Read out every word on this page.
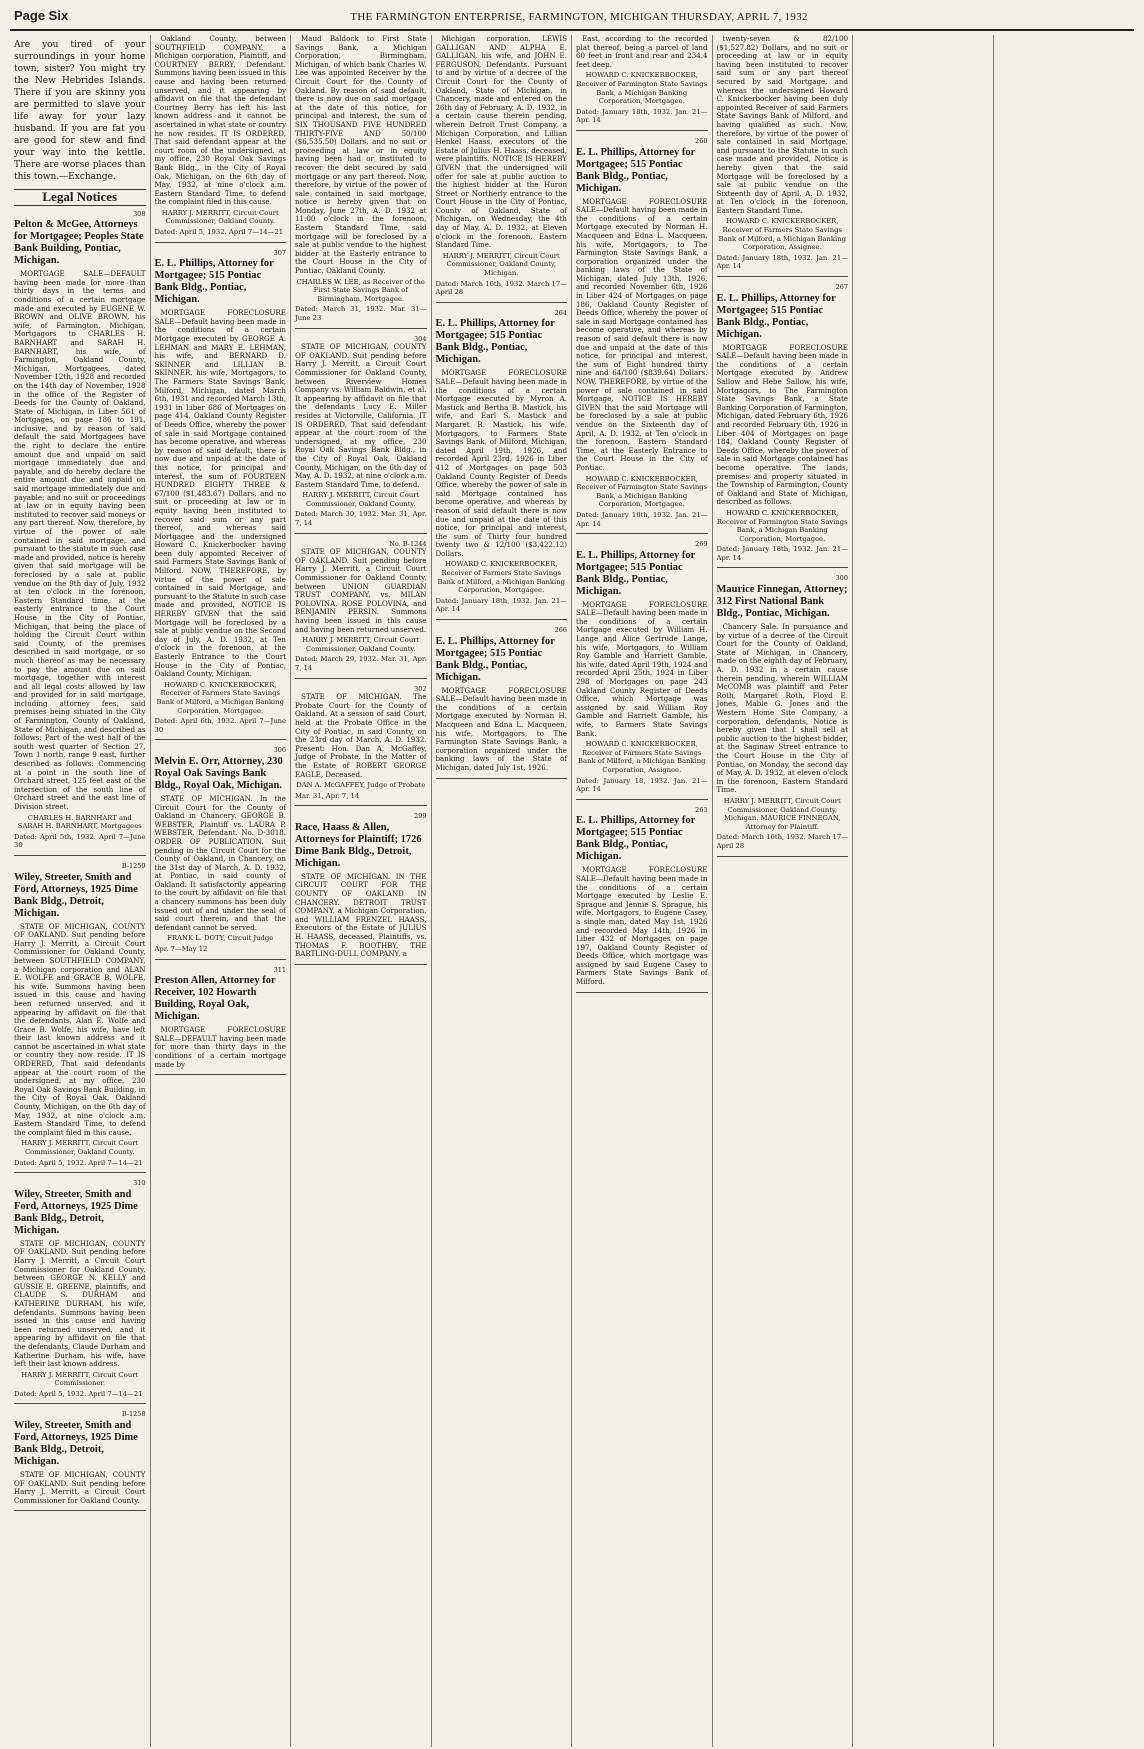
Page Six	THE FARMINGTON ENTERPRISE, FARMINGTON, MICHIGAN THURSDAY, APRIL 7, 1932
Are you tired of your surroundings in your home town, sister? You might try the New Hebrides Islands. There if you are skinny you are permitted to slave your life away for your lazy husband. If you are fat you are good for stew and find your way into the kettle. There are worse places than this town.—Exchange.
Legal Notices
308
Pelton & McGee, Attorneys for Mortgagee; Peoples State Bank Building, Pontiac, Michigan.
MORTGAGE SALE—DEFAULT having been made for more than thirty days in the terms and conditions of a certain mortgage made and executed by EUGENE W. BROWN and OLIVE BROWN, his wife, of Farmington, Michigan, Mortgagors to CHARLES H. BARNHART and SARAH H. BARNHART, his wife, of Farmington, Oakland County, Michigan, Mortgagees, dated November 12th, 1928 and recorded on the 14th day of November, 1928 in the office of the Register of Deeds for the County of Oakland, State of Michigan, in Liber 561 of Mortgages, on page 186 to 191, inclusive, and by reason of said default the said Mortgagees have the right to declare the entire amount due and unpaid on said mortgage immediately due and payable, and do hereby declare the entire amount due and unpaid on said mortgage immediately due and payable; and no suit or proceedings at law or in equity having been instituted to recover said moneys or any part thereof. Now, therefore, by virtue of the power of sale contained in said mortgage, and pursuant to the statute in such case made and provided, notice is hereby given that said mortgage will be foreclosed by a sale at public vendue on the 9th day of July, 1932 at ten o'clock in the forenoon, Eastern Standard time, at the easterly entrance to the Court House in the City of Pontiac, Michigan, that being the place of holding the Circuit Court within said County, of the premises described in said mortgage, or so much thereof as may be necessary to pay the amount due on said mortgage, together with interest and all legal costs allowed by law and provided for in said mortgage, including attorney fees, said premises being situated in the City of Farmington, County of Oakland, State of Michigan, and described as follows: Part of the west half of the south west quarter of Section 27, Town 1 north, range 9 east, further described as follows: Commencing at a point in the south line of Orchard street, 125 feet east of the intersection of the south line of Orchard street and the east line of Division street.
CHARLES H. BARNHART and SARAH H. BARNHART, Mortgagees
Dated: April 5th, 1932. April 7—June 30
B-1259
Wiley, Streeter, Smith and Ford, Attorneys, 1925 Dime Bank Bldg., Detroit, Michigan.
STATE OF MICHIGAN, COUNTY OF OAKLAND. Suit pending before Harry J. Merritt, a Circuit Court Commissioner for Oakland County, between SOUTHFIELD COMPANY, a Michigan corporation and ALAN E. WOLFE and GRACE B. WOLFE, his wife. Summons having been issued in this cause and having been returned unserved, and it appearing by affidavit on file that the defendants, Alan E. Wolfe and Grace B. Wolfe, his wife, have left their last known address and it cannot be ascertained in what state or country they now reside. IT IS ORDERED, That said defendants appear at the court room of the undersigned, at my office, 230 Royal Oak Savings Bank Building, in the City of Royal Oak, Oakland County, Michigan, on the 6th day of May, 1932, at nine o'clock a.m. Eastern Standard Time, to defend the complaint filed in this cause.
HARRY J. MERRITT, Circuit Court Commissioner, Oakland County.
Dated: April 5, 1932. April 7—14—21
310
Wiley, Streeter, Smith and Ford, Attorneys, 1925 Dime Bank Bldg., Detroit, Michigan.
STATE OF MICHIGAN, COUNTY OF OAKLAND. Suit pending before Harry J. Merritt, a Circuit Court Commissioner for Oakland County, between GEORGE N. KELLY and GUSSIE E. GREENE, plaintiffs, and CLAUDE S. DURHAM and KATHERINE DURHAM, his wife, defendants. Summons having been issued in this cause and having been returned unserved, and it appearing by affidavit on file that the defendants, Claude Durham and Katherine Durham, his wife, have left their last known address.
HARRY J. MERRITT, Circuit Court Commissioner.
Dated: April 5, 1932. April 7—14—21
B-1258
Wiley, Streeter, Smith and Ford, Attorneys, 1925 Dime Bank Bldg., Detroit, Michigan.
STATE OF MICHIGAN, COUNTY OF OAKLAND. Suit pending before Harry J. Merritt, a Circuit Court Commissioner for Oakland County.
Oakland County, between SOUTHFIELD COMPANY, a Michigan corporation, Plaintiff, and COURTNEY BERRY, Defendant. Summons having been issued in this cause and having been returned unserved, and it appearing by affidavit on file that the defendant Courtney Berry has left his last known address and it cannot be ascertained in what state or country he now resides. IT IS ORDERED, That said defendant appear at the court room of the undersigned, at my office, 230 Royal Oak Savings Bank Bldg., in the City of Royal Oak, Michigan, on the 6th day of May, 1932, at nine o'clock a.m. Eastern Standard Time, to defend the complaint filed in this cause.
HARRY J. MERRITT, Circuit Court Commissioner, Oakland County.
Dated: April 5, 1932. April 7—14—21
307
E. L. Phillips, Attorney for Mortgagee; 515 Pontiac Bank Bldg., Pontiac, Michigan.
MORTGAGE FORECLOSURE SALE—Default having been made in the conditions of a certain Mortgage executed by GEORGE A. LEHMAN and MARY E. LEHMAN, his wife, and BERNARD D. SKINNER and LILLIAN B. SKINNER, his wife, Mortgagors, to The Farmers State Savings Bank, Milford, Michigan, dated March 6th, 1931 and recorded March 13th, 1931 in Liber 686 of Mortgages on page 414, Oakland County Register of Deeds Office, whereby the power of sale in said Mortgage contained has become operative, and whereas by reason of said default, there is now due and unpaid at the date of this notice, for principal and interest, the sum of FOURTEEN HUNDRED EIGHTY THREE & 67/100 ($1,483.67) Dollars, and no suit or proceeding at law or in equity having been instituted to recover said sum or any part thereof, and whereas said Mortgagee and the undersigned Howard C. Knickerbocker having been duly appointed Receiver of said Farmers State Savings Bank of Milford. NOW, THEREFORE, by virtue of the power of sale contained in said Mortgage, and pursuant to the Statute in such case made and provided, NOTICE IS HEREBY GIVEN that the said Mortgage will be foreclosed by a sale at public vendue on the Second day of July, A. D. 1932, at Ten o'clock in the forenoon, at the Easterly Entrance to the Court House in the City of Pontiac, Oakland County, Michigan.
HOWARD C. KNICKERBOCKER, Receiver of Farmers State Savings Bank of Milford, a Michigan Banking Corporation, Mortgagee.
Dated: April 6th, 1932. April 7—June 30
306
Melvin E. Orr, Attorney, 230 Royal Oak Savings Bank Bldg., Royal Oak, Michigan.
STATE OF MICHIGAN. In the Circuit Court for the County of Oakland in Chancery. GEORGE B. WEBSTER, Plaintiff vs. LAURA P. WEBSTER, Defendant. No. D-3018. ORDER OF PUBLICATION. Suit pending in the Circuit Court for the County of Oakland, in Chancery, on the 31st day of March, A. D. 1932, at Pontiac, in said county of Oakland. It satisfactorily appearing to the court by affidavit on file that a chancery summons has been duly issued out of and under the seal of said court therein, and that the defendant cannot be served.
FRANK L. DOTY, Circuit Judge
Apr. 7—May 12
311
Preston Allen, Attorney for Receiver, 102 Howarth Building, Royal Oak, Michigan.
MORTGAGE FORECLOSURE SALE—DEFAULT having been made for more than thirty days in the conditions of a certain mortgage made by
Maud Baldock to First State Savings Bank, a Michigan Corporation, Birmingham, Michigan, of which bank Charles W. Lee was appointed Receiver by the Circuit Court for the County of Oakland. By reason of said default, there is now due on said mortgage at the date of this notice, for principal and interest, the sum of SIX THOUSAND FIVE HUNDRED THIRTY-FIVE AND 50/100 ($6,535.50) Dollars, and no suit or proceeding at law or in equity having been had or instituted to recover the debt secured by said mortgage or any part thereof. Now, therefore, by virtue of the power of sale contained in said mortgage, notice is hereby given that on Monday, June 27th, A. D. 1932 at 11:00 o'clock in the forenoon, Eastern Standard Time, said mortgage will be foreclosed by a sale at public vendue to the highest bidder at the Easterly entrance to the Court House in the City of Pontiac, Oakland County.
CHARLES W. LEE, as Receiver of the First State Savings Bank of Birmingham, Mortgagee.
Dated: March 31, 1932. Mar. 31—June 23
304
STATE OF MICHIGAN, COUNTY OF OAKLAND. Suit pending before Harry J. Merritt, a Circuit Court Commissioner for Oakland County, between Riverview Homes Company vs. William Baldwin, et al. It appearing by affidavit on file that the defendants Lucy E. Miller resides at Victorville, California. IT IS ORDERED, That said defendant appear at the court room of the undersigned, at my office, 230 Royal Oak Savings Bank Bldg., in the City of Royal Oak, Oakland County, Michigan, on the 6th day of May, A. D. 1932, at nine o'clock a.m. Eastern Standard Time, to defend.
HARRY J. MERRITT, Circuit Court Commissioner, Oakland County.
Dated: March 30, 1932. Mar. 31, Apr. 7, 14
No. B-1244
STATE OF MICHIGAN, COUNTY OF OAKLAND. Suit pending before Harry J. Merritt, a Circuit Court Commissioner for Oakland County, between UNION GUARDIAN TRUST COMPANY, vs. MILAN POLOVINA, ROSE POLOVINA, and BENJAMIN PERSIN. Summons having been issued in this cause and having been returned unserved.
HARRY J. MERRITT, Circuit Court Commissioner, Oakland County.
Dated: March 29, 1932. Mar. 31, Apr. 7, 14
302
STATE OF MICHIGAN. The Probate Court for the County of Oakland. At a session of said Court, held at the Probate Office in the City of Pontiac, in said County, on the 23rd day of March, A. D. 1932. Present: Hon. Dan A. McGaffey, Judge of Probate. In the Matter of the Estate of ROBERT GEORGE EAGLE, Deceased.
DAN A. McGAFFEY, Judge of Probate
Mar. 31, Apr. 7, 14
299
Race, Haass & Allen, Attorneys for Plaintiff; 1726 Dime Bank Bldg., Detroit, Michigan.
STATE OF MICHIGAN. IN THE CIRCUIT COURT FOR THE COUNTY OF OAKLAND IN CHANCERY. DETROIT TRUST COMPANY, a Michigan Corporation, and WILLIAM FRENZEL HAASS, Executors of the Estate of JULIUS H. HAASS, deceased, Plaintiffs, vs. THOMAS F. BOOTHBY, THE BARTLING-DULL COMPANY, a
Michigan corporation, LEWIS GALLIGAN AND ALPHA E. GALLIGAN, his wife, and JOHN E. FERGUSON, Defendants. Pursuant to and by virtue of a decree of the Circuit Court for the County of Oakland, State of Michigan, in Chancery, made and entered on the 26th day of February, A. D. 1932, in a certain cause therein pending, wherein Detroit Trust Company, a Michigan Corporation, and Lillian Henkel Haass, executors of the Estate of Julius H. Haass, deceased, were plaintiffs. NOTICE IS HEREBY GIVEN that the undersigned will offer for sale at public auction to the highest bidder at the Huron Street or Northerly entrance to the Court House in the City of Pontiac, County of Oakland, State of Michigan, on Wednesday, the 4th day of May, A. D. 1932, at Eleven o'clock in the forenoon, Eastern Standard Time.
HARRY J. MERRITT, Circuit Court Commissioner, Oakland County, Michigan.
Dated: March 16th, 1932. March 17—April 28
264
E. L. Phillips, Attorney for Mortgagee; 515 Pontiac Bank Bldg., Pontiac, Michigan.
MORTGAGE FORECLOSURE SALE—Default having been made in the conditions of a certain Mortgage executed by Myron A. Mastick and Bertha B. Mastick, his wife, and Earl S. Mastick and Margaret R. Mastick, his wife, Mortgagors, to Farmers State Savings Bank, of Milford, Michigan, dated April 19th, 1926, and recorded April 23rd, 1926 in Liber 412 of Mortgages on page 503 Oakland County Register of Deeds Office, whereby the power of sale in said Mortgage contained has become operative, and whereas by reason of said default there is now due and unpaid at the date of this notice, for principal and interest, the sum of Thirty four hundred twenty two & 12/100 ($3,422.12) Dollars.
HOWARD C. KNICKERBOCKER, Receiver of Farmers State Savings Bank of Milford, a Michigan Banking Corporation, Mortgagee.
Dated: January 18th, 1932. Jan. 21—Apr. 14
266
E. L. Phillips, Attorney for Mortgagee; 515 Pontiac Bank Bldg., Pontiac, Michigan.
MORTGAGE FORECLOSURE SALE—Default having been made in the conditions of a certain Mortgage executed by Norman H. Macqueen and Edna L. Macqueen, his wife, Mortgagors, to The Farmington State Savings Bank, a corporation organized under the banking laws of the State of Michigan, dated July 1st, 1926.
East, according to the recorded plat thereof, being a parcel of land 60 feet in front and rear and 234.4 feet deep.
HOWARD C. KNICKERBOCKER, Receiver of Farmington State Savings Bank, a Michigan Banking Corporation, Mortgagee.
Dated: January 18th, 1932. Jan. 21—Apr. 14
260
E. L. Phillips, Attorney for Mortgagee; 515 Pontiac Bank Bldg., Pontiac, Michigan.
MORTGAGE FORECLOSURE SALE—Default having been made in the conditions of a certain Mortgage executed by Norman H. Macqueen and Edna L. Macqueen, his wife, Mortgagors, to The Farmington State Savings Bank, a corporation organized under the banking laws of the State of Michigan, dated July 13th, 1926, and recorded November 6th, 1926 in Liber 424 of Mortgages on page 186, Oakland County Register of Deeds Office, whereby the power of sale in said Mortgage contained has become operative, and whereas by reason of said default there is now due and unpaid at the date of this notice, for principal and interest, the sum of Eight hundred thirty nine and 64/100 ($839.64) Dollars. NOW, THEREFORE, by virtue of the power of sale contained in said Mortgage, NOTICE IS HEREBY GIVEN that the said Mortgage will be foreclosed by a sale at public vendue on the Sixteenth day of April, A. D. 1932, at Ten o'clock in the forenoon, Eastern Standard Time, at the Easterly Entrance to the Court House in the City of Pontiac.
HOWARD C. KNICKERBOCKER, Receiver of Farmington State Savings Bank, a Michigan Banking Corporation, Mortgagee.
Dated: January 18th, 1932. Jan. 21—Apr. 14
269
E. L. Phillips, Attorney for Mortgagee; 515 Pontiac Bank Bldg., Pontiac, Michigan.
MORTGAGE FORECLOSURE SALE—Default having been made in the conditions of a certain Mortgage executed by William H. Lange and Alice Gertrude Lange, his wife, Mortgagors, to William Roy Gamble and Harriett Gamble, his wife, dated April 19th, 1924 and recorded April 25th, 1924 in Liber 298 of Mortgages on page 243 Oakland County Register of Deeds Office, which Mortgage was assigned by said William Roy Gamble and Harriett Gamble, his wife, to Farmers State Savings Bank.
HOWARD C. KNICKERBOCKER, Receiver of Farmers State Savings Bank of Milford, a Michigan Banking Corporation, Assignee.
Dated: January 18, 1932. Jan. 21—Apr. 14
263
E. L. Phillips, Attorney for Mortgagee; 515 Pontiac Bank Bldg., Pontiac, Michigan.
MORTGAGE FORECLOSURE SALE—Default having been made in the conditions of a certain Mortgage executed by Leslie E. Sprague and Jennie S. Sprague, his wife, Mortgagors, to Eugene Casey, a single man, dated May 1st, 1926 and recorded May 14th, 1926 in Liber 432 of Mortgages on page 197, Oakland County Register of Deeds Office, which mortgage was assigned by said Eugene Casey to Farmers State Savings Bank of Milford.
twenty-seven & 82/100 ($1,527.82) Dollars, and no suit or proceeding at law or in equity having been instituted to recover said sum or any part thereof secured by said Mortgage, and whereas the undersigned Howard C. Knickerbocker having been duly appointed Receiver of said Farmers State Savings Bank of Milford, and having qualified as such. Now, therefore, by virtue of the power of sale contained in said Mortgage, and pursuant to the Statute in such case made and provided, Notice is hereby given that the said Mortgage will be foreclosed by a sale at public vendue on the Sixteenth day of April, A. D. 1932, at Ten o'clock in the forenoon, Eastern Standard Time.
HOWARD C. KNICKERBOCKER, Receiver of Farmers State Savings Bank of Milford, a Michigan Banking Corporation, Assignee.
Dated: January 18th, 1932. Jan. 21—Apr. 14
267
E. L. Phillips, Attorney for Mortgagee; 515 Pontiac Bank Bldg., Pontiac, Michigan.
MORTGAGE FORECLOSURE SALE—Default having been made in the conditions of a certain Mortgage executed by Andrew Sallow and Hebe Sallow, his wife, Mortgagors, to The Farmington State Savings Bank, a State Banking Corporation of Farmington, Michigan, dated February 6th, 1926 and recorded February 6th, 1926 in Liber 404 of Mortgages on page 184, Oakland County Register of Deeds Office, whereby the power of sale in said Mortgage contained has become operative. The lands, premises and property situated in the Township of Farmington, County of Oakland and State of Michigan, described as follows.
HOWARD C. KNICKERBOCKER, Receiver of Farmington State Savings Bank, a Michigan Banking Corporation, Mortgagee.
Dated: January 18th, 1932. Jan. 21—Apr. 14
300
Maurice Finnegan, Attorney; 312 First National Bank Bldg., Pontiac, Michigan.
Chancery Sale. In pursuance and by virtue of a decree of the Circuit Court for the County of Oakland, State of Michigan, in Chancery, made on the eighth day of February, A. D. 1932 in a certain cause therein pending, wherein WILLIAM McCOMB was plaintiff and Peter Roth, Margaret Roth, Floyd E. Jones, Mable G. Jones and the Western Home Site Company, a corporation, defendants, Notice is hereby given that I shall sell at public auction to the highest bidder, at the Saginaw Street entrance to the Court House in the City of Pontiac, on Monday, the second day of May, A. D. 1932, at eleven o'clock in the forenoon, Eastern Standard Time.
HARRY J. MERRITT, Circuit Court Commissioner, Oakland County, Michigan. MAURICE FINNEGAN, Attorney for Plaintiff.
Dated: March 16th, 1932. March 17—April 28
